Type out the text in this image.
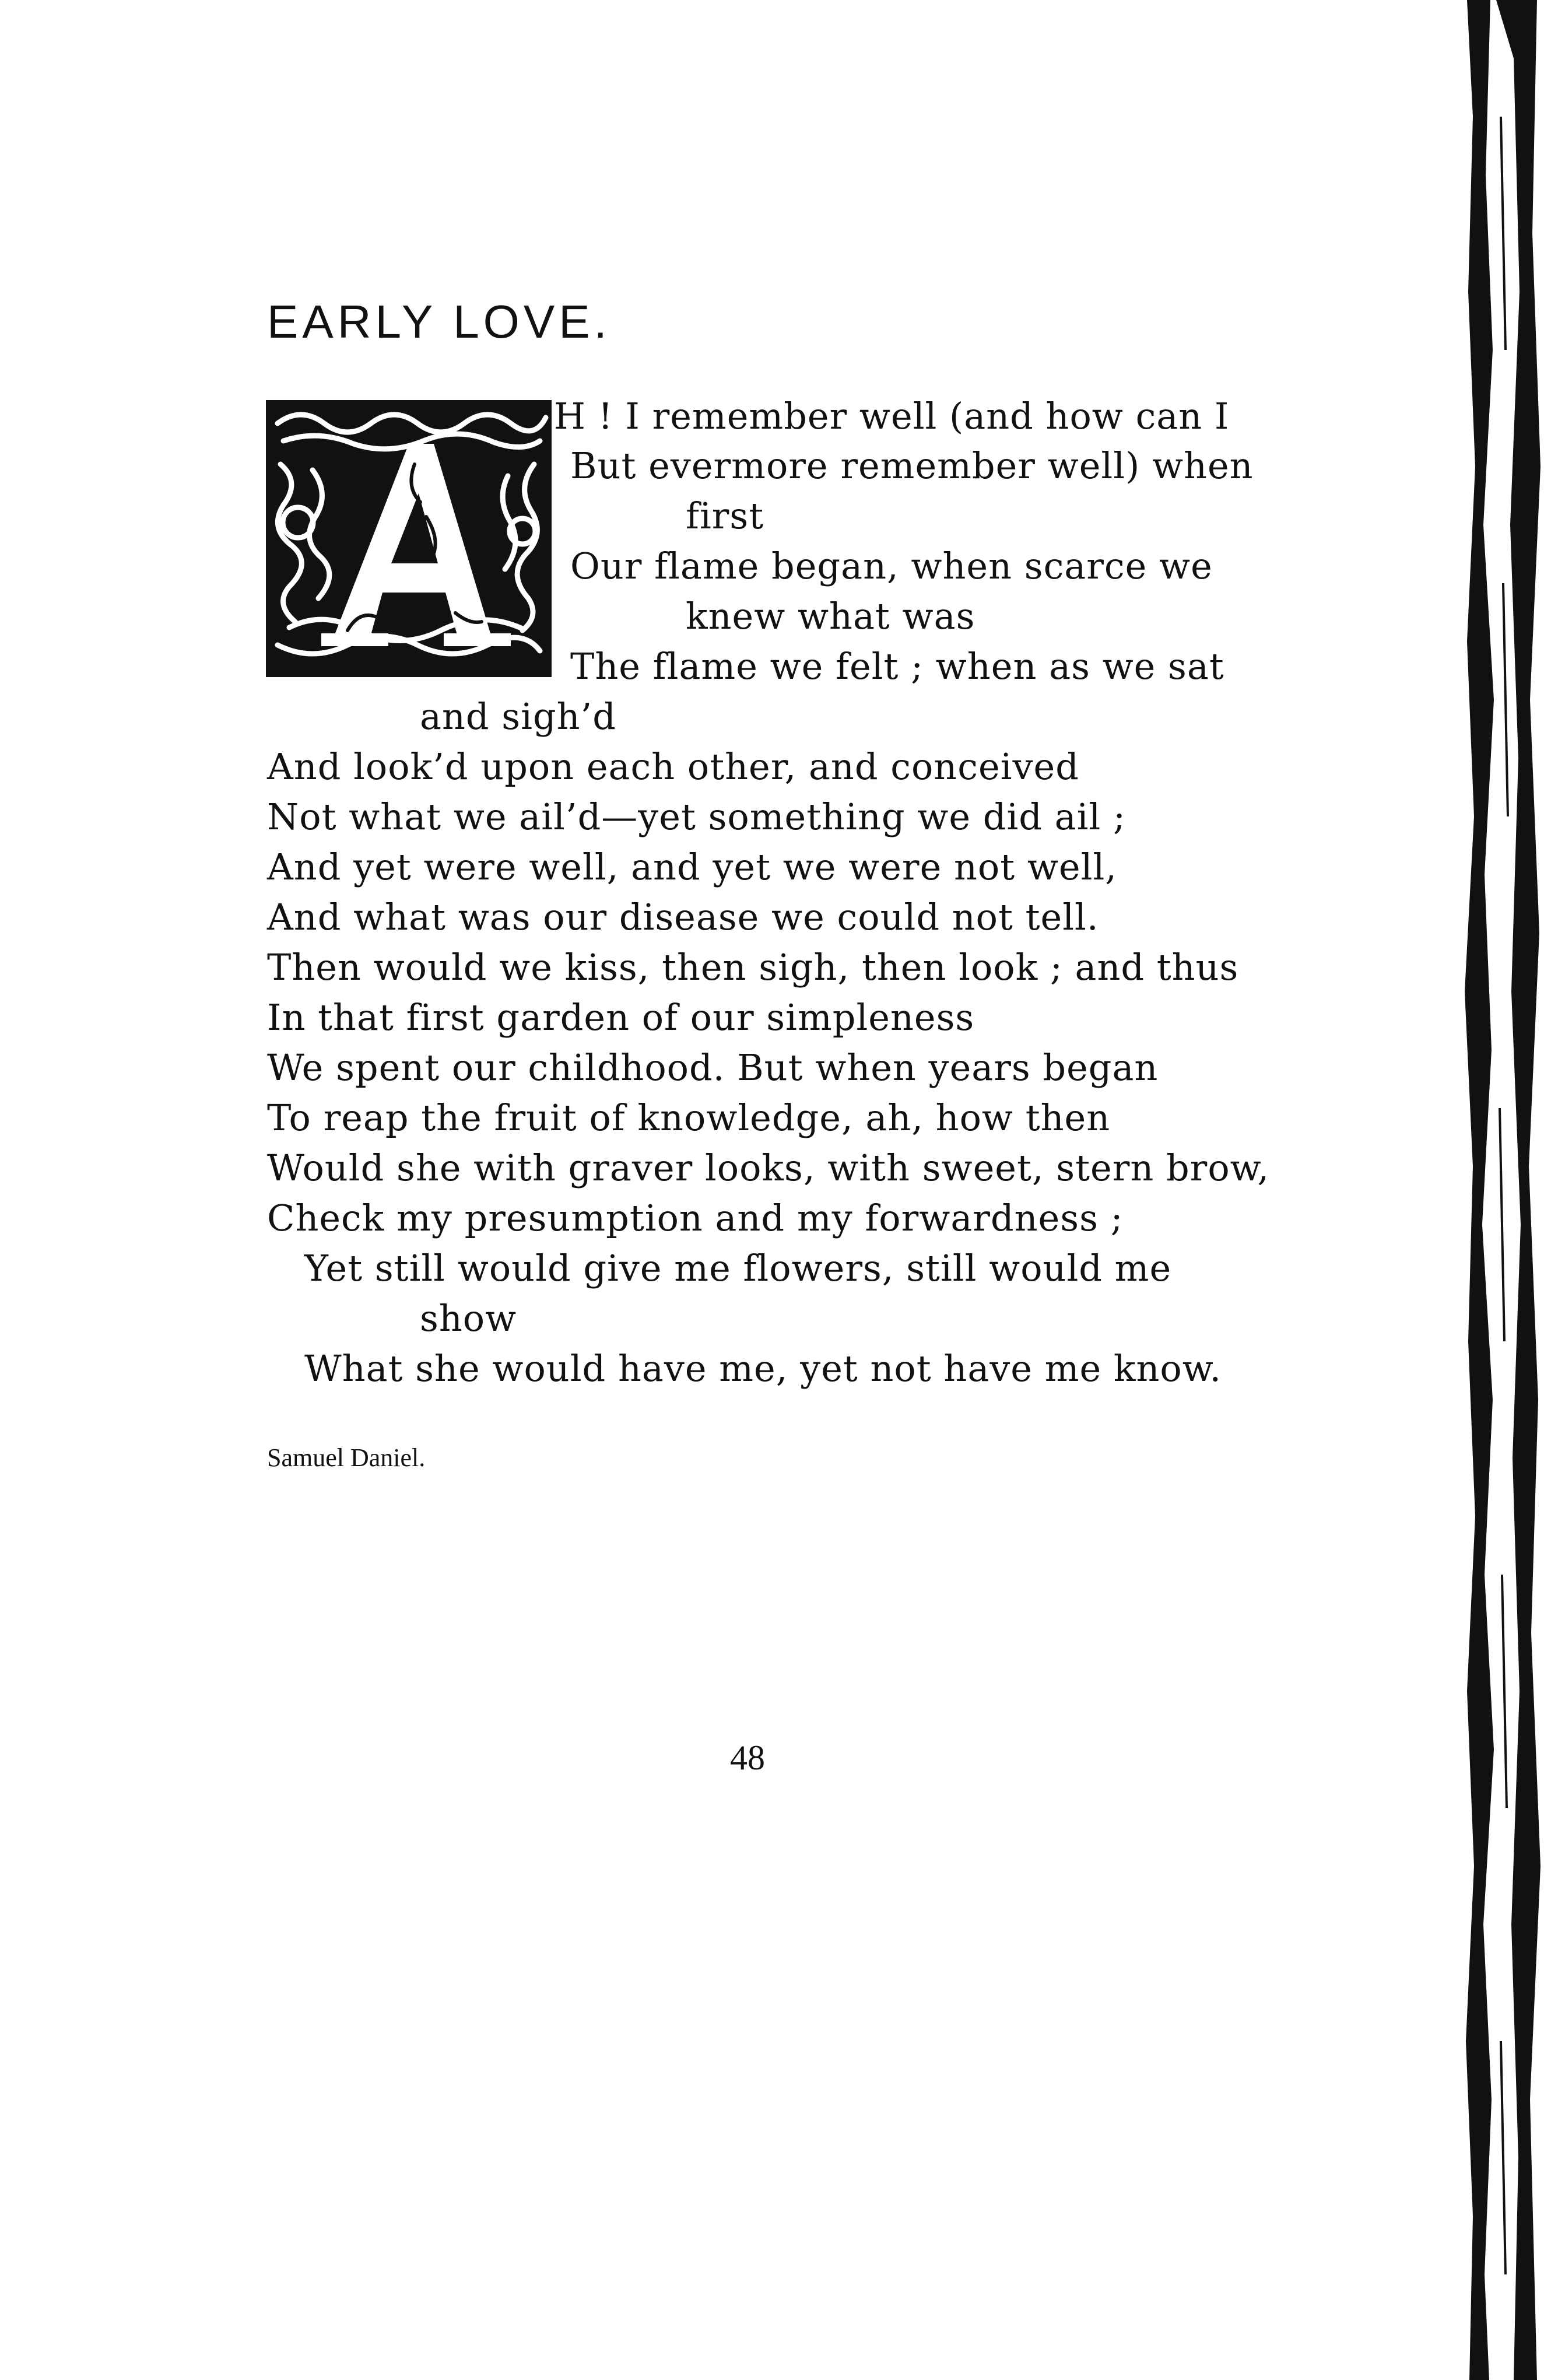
EARLY LOVE.
H ! I remember well (and how can I
But evermore remember well) when
first
Our flame began, when scarce we
knew what was
The flame we felt ; when as we sat
and sigh’d
And look’d upon each other, and conceived
Not what we ail’d—yet something we did ail ;
And yet were well, and yet we were not well,
And what was our disease we could not tell.
Then would we kiss, then sigh, then look ; and thus
In that first garden of our simpleness
We spent our childhood. But when years began
To reap the fruit of knowledge, ah, how then
Would she with graver looks, with sweet, stern brow,
Check my presumption and my forwardness ;
Yet still would give me flowers, still would me
show
What she would have me, yet not have me know.
Samuel Daniel.
48
